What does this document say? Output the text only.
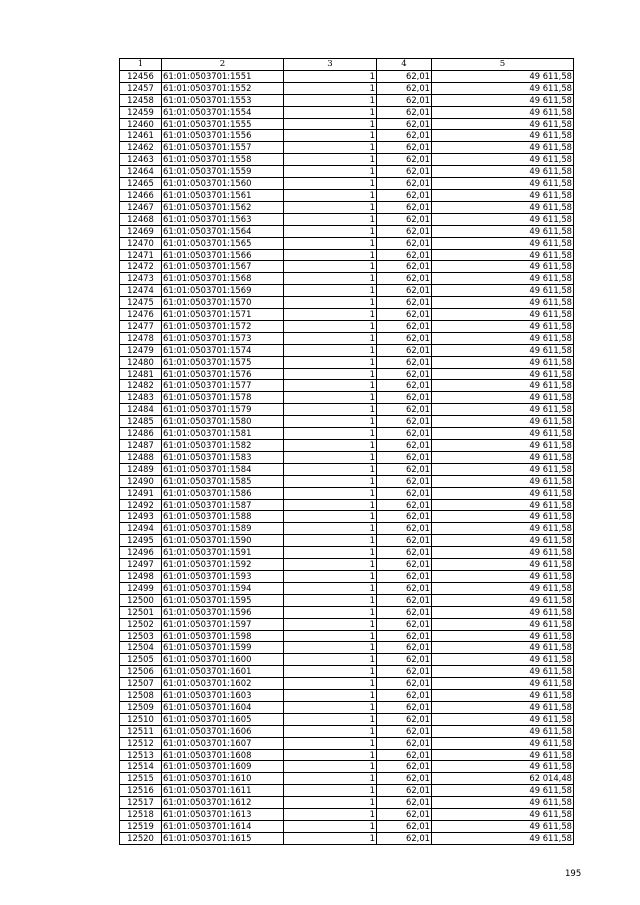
1	2	3	4	5
12456	61:01:0503701:1551	1	62,01	49 611,58
12457	61:01:0503701:1552	1	62,01	49 611,58
12458	61:01:0503701:1553	1	62,01	49 611,58
12459	61:01:0503701:1554	1	62,01	49 611,58
12460	61:01:0503701:1555	1	62,01	49 611,58
12461	61:01:0503701:1556	1	62,01	49 611,58
12462	61:01:0503701:1557	1	62,01	49 611,58
12463	61:01:0503701:1558	1	62,01	49 611,58
12464	61:01:0503701:1559	1	62,01	49 611,58
12465	61:01:0503701:1560	1	62,01	49 611,58
12466	61:01:0503701:1561	1	62,01	49 611,58
12467	61:01:0503701:1562	1	62,01	49 611,58
12468	61:01:0503701:1563	1	62,01	49 611,58
12469	61:01:0503701:1564	1	62,01	49 611,58
12470	61:01:0503701:1565	1	62,01	49 611,58
12471	61:01:0503701:1566	1	62,01	49 611,58
12472	61:01:0503701:1567	1	62,01	49 611,58
12473	61:01:0503701:1568	1	62,01	49 611,58
12474	61:01:0503701:1569	1	62,01	49 611,58
12475	61:01:0503701:1570	1	62,01	49 611,58
12476	61:01:0503701:1571	1	62,01	49 611,58
12477	61:01:0503701:1572	1	62,01	49 611,58
12478	61:01:0503701:1573	1	62,01	49 611,58
12479	61:01:0503701:1574	1	62,01	49 611,58
12480	61:01:0503701:1575	1	62,01	49 611,58
12481	61:01:0503701:1576	1	62,01	49 611,58
12482	61:01:0503701:1577	1	62,01	49 611,58
12483	61:01:0503701:1578	1	62,01	49 611,58
12484	61:01:0503701:1579	1	62,01	49 611,58
12485	61:01:0503701:1580	1	62,01	49 611,58
12486	61:01:0503701:1581	1	62,01	49 611,58
12487	61:01:0503701:1582	1	62,01	49 611,58
12488	61:01:0503701:1583	1	62,01	49 611,58
12489	61:01:0503701:1584	1	62,01	49 611,58
12490	61:01:0503701:1585	1	62,01	49 611,58
12491	61:01:0503701:1586	1	62,01	49 611,58
12492	61:01:0503701:1587	1	62,01	49 611,58
12493	61:01:0503701:1588	1	62,01	49 611,58
12494	61:01:0503701:1589	1	62,01	49 611,58
12495	61:01:0503701:1590	1	62,01	49 611,58
12496	61:01:0503701:1591	1	62,01	49 611,58
12497	61:01:0503701:1592	1	62,01	49 611,58
12498	61:01:0503701:1593	1	62,01	49 611,58
12499	61:01:0503701:1594	1	62,01	49 611,58
12500	61:01:0503701:1595	1	62,01	49 611,58
12501	61:01:0503701:1596	1	62,01	49 611,58
12502	61:01:0503701:1597	1	62,01	49 611,58
12503	61:01:0503701:1598	1	62,01	49 611,58
12504	61:01:0503701:1599	1	62,01	49 611,58
12505	61:01:0503701:1600	1	62,01	49 611,58
12506	61:01:0503701:1601	1	62,01	49 611,58
12507	61:01:0503701:1602	1	62,01	49 611,58
12508	61:01:0503701:1603	1	62,01	49 611,58
12509	61:01:0503701:1604	1	62,01	49 611,58
12510	61:01:0503701:1605	1	62,01	49 611,58
12511	61:01:0503701:1606	1	62,01	49 611,58
12512	61:01:0503701:1607	1	62,01	49 611,58
12513	61:01:0503701:1608	1	62,01	49 611,58
12514	61:01:0503701:1609	1	62,01	49 611,58
12515	61:01:0503701:1610	1	62,01	62 014,48
12516	61:01:0503701:1611	1	62,01	49 611,58
12517	61:01:0503701:1612	1	62,01	49 611,58
12518	61:01:0503701:1613	1	62,01	49 611,58
12519	61:01:0503701:1614	1	62,01	49 611,58
12520	61:01:0503701:1615	1	62,01	49 611,58
195
